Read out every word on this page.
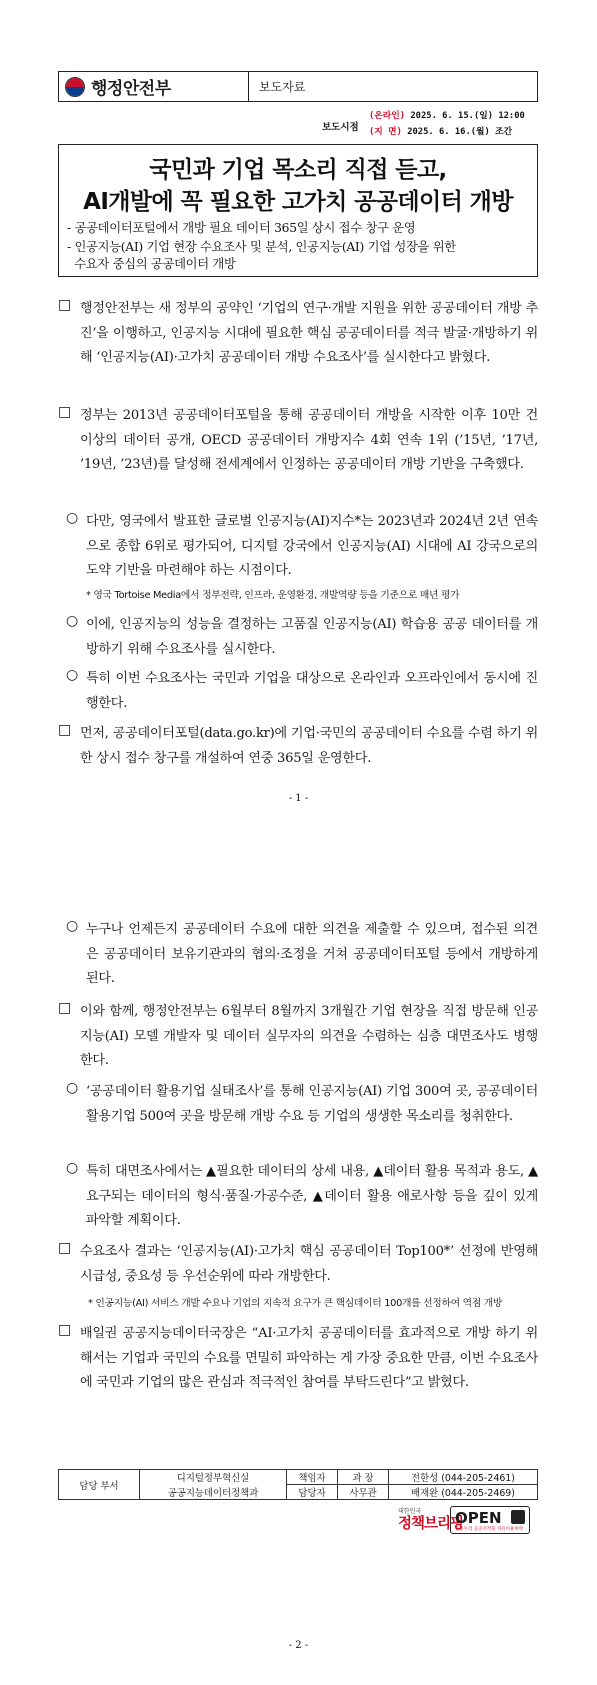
행정안전부	보도자료
보도시점
(온라인) 2025. 6. 15.(일) 12:00
(지 면) 2025. 6. 16.(월) 조간
국민과 기업 목소리 직접 듣고,
AI개발에 꼭 필요한 고가치 공공데이터 개방
- 공공데이터포털에서 개방 필요 데이터 365일 상시 접수 창구 운영
- 인공지능(AI) 기업 현장 수요조사 및 분석, 인공지능(AI) 기업 성장을 위한
수요자 중심의 공공데이터 개방
□ 행정안전부는 새 정부의 공약인 ‘기업의 연구·개발 지원을 위한 공공데이터 개방 추진’을 이행하고, 인공지능 시대에 필요한 핵심 공공데이터를 적극 발굴·개방하기 위해 ‘인공지능(AI)·고가치 공공데이터 개방 수요조사’를 실시한다고 밝혔다.
□ 정부는 2013년 공공데이터포털을 통해 공공데이터 개방을 시작한 이후 10만 건 이상의 데이터 공개, OECD 공공데이터 개방지수 4회 연속 1위 (’15년, ’17년, ’19년, ’23년)를 달성해 전세계에서 인정하는 공공데이터 개방 기반을 구축했다.
○ 다만, 영국에서 발표한 글로벌 인공지능(AI)지수*는 2023년과 2024년 2년 연속으로 종합 6위로 평가되어, 디지털 강국에서 인공지능(AI) 시대에 AI 강국으로의 도약 기반을 마련해야 하는 시점이다.
* 영국 Tortoise Media에서 정부전략, 인프라, 운영환경, 개발역량 등을 기준으로 매년 평가
○ 이에, 인공지능의 성능을 결정하는 고품질 인공지능(AI) 학습용 공공 데이터를 개방하기 위해 수요조사를 실시한다.
○ 특히 이번 수요조사는 국민과 기업을 대상으로 온라인과 오프라인에서 동시에 진행한다.
□ 먼저, 공공데이터포털(data.go.kr)에 기업·국민의 공공데이터 수요를 수렴 하기 위한 상시 접수 창구를 개설하여 연중 365일 운영한다.
- 1 -
○ 누구나 언제든지 공공데이터 수요에 대한 의견을 제출할 수 있으며, 접수된 의견은 공공데이터 보유기관과의 협의·조정을 거쳐 공공데이터포털 등에서 개방하게 된다.
□ 이와 함께, 행정안전부는 6월부터 8월까지 3개월간 기업 현장을 직접 방문해 인공지능(AI) 모델 개발자 및 데이터 실무자의 의견을 수렴하는 심층 대면조사도 병행한다.
○ ‘공공데이터 활용기업 실태조사’를 통해 인공지능(AI) 기업 300여 곳, 공공데이터 활용기업 500여 곳을 방문해 개방 수요 등 기업의 생생한 목소리를 청취한다.
○ 특히 대면조사에서는 ▲필요한 데이터의 상세 내용, ▲데이터 활용 목적과 용도, ▲요구되는 데이터의 형식·품질·가공수준, ▲데이터 활용 애로사항 등을 깊이 있게 파악할 계획이다.
□ 수요조사 결과는 ‘인공지능(AI)·고가치 핵심 공공데이터 Top100*’ 선정에 반영해 시급성, 중요성 등 우선순위에 따라 개방한다.
* 인공지능(AI) 서비스 개발 수요나 기업의 지속적 요구가 큰 핵심데이터 100개를 선정하여 역점 개방
□ 배일권 공공지능데이터국장은 “AI·고가치 공공데이터를 효과적으로 개방 하기 위해서는 기업과 국민의 수요를 면밀히 파악하는 게 가장 중요한 만큼, 이번 수요조사에 국민과 기업의 많은 관심과 적극적인 참여를 부탁드린다”고 밝혔다.
담당 부서	디지털정부혁신실	책임자	과 장	전한성 (044-205-2461)
	공공지능데이터정책과	담당자	사무관	배재완 (044-205-2469)
대한민국
정책브리핑
OPEN
공공누리 공공저작물 자유이용허락
- 2 -
